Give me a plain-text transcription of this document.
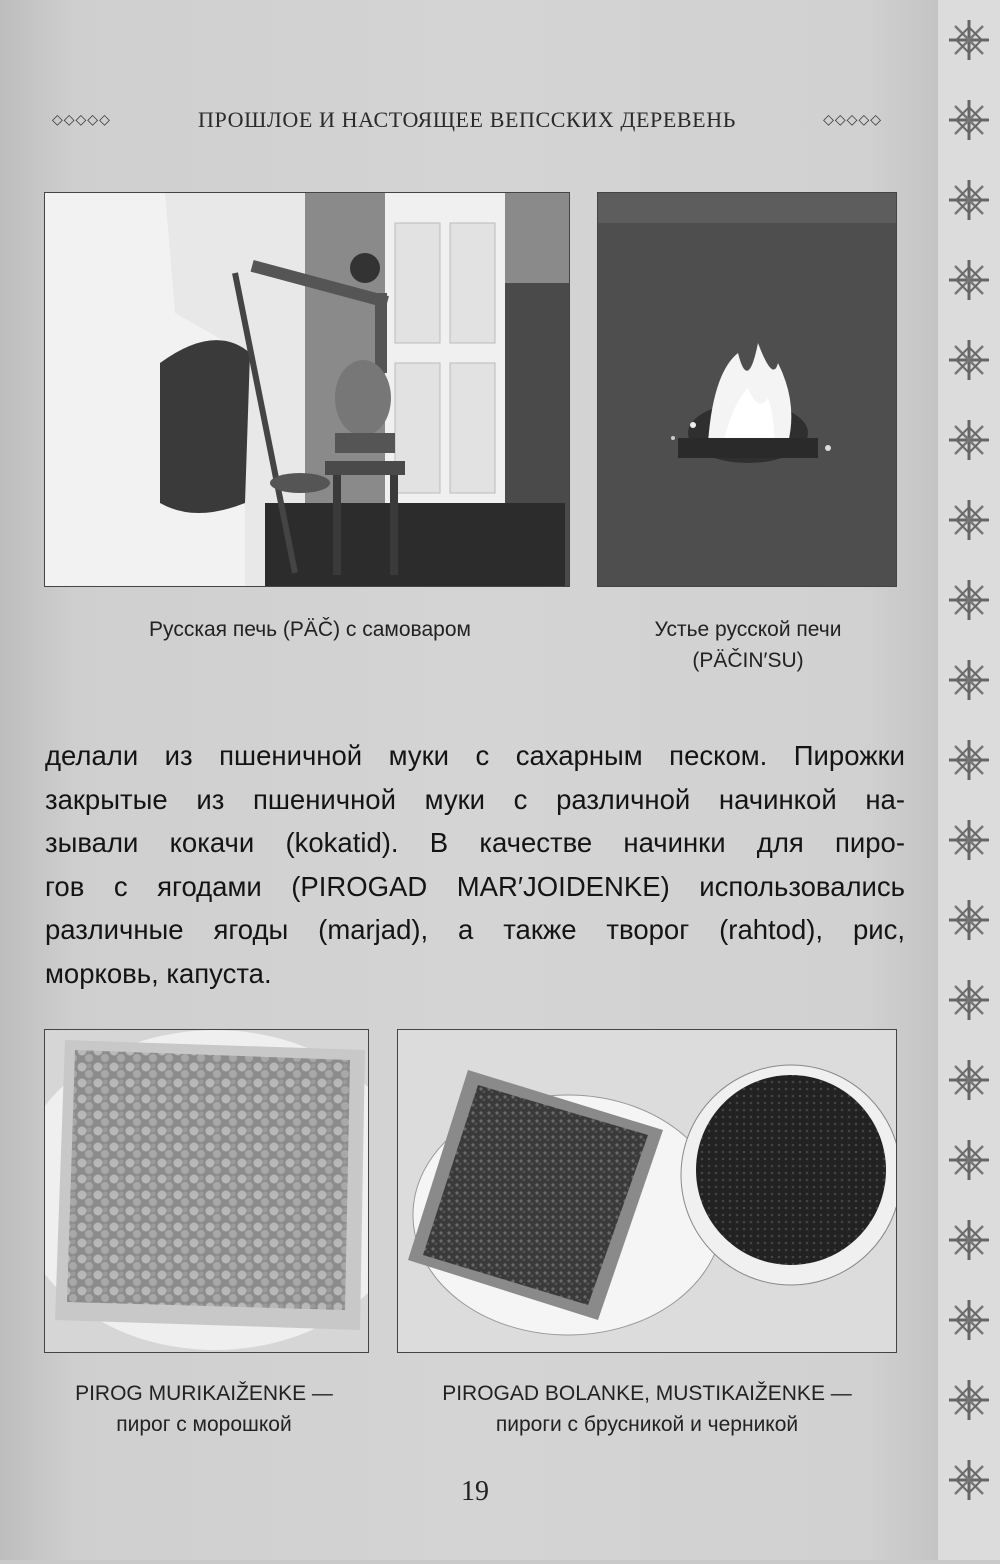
◇◇◇◇◇	ПРОШЛОЕ И НАСТОЯЩЕЕ ВЕПССКИХ ДЕРЕВЕНЬ	◇◇◇◇◇
Русская печь (PÄČ) с самоваром	Устье русской печи
(PÄČIN′SU)
делали из пшеничной муки с сахарным песком. Пирожки
закрытые из пшеничной муки с различной начинкой на-
зывали кокачи (kokatid). В качестве начинки для пиро-
гов с ягодами (PIROGAD MAR′JOIDENKE) использовались
различные ягоды (marjad), а также творог (rahtod), рис,
морковь, капуста.
PIROG MURIKAIŽENKE —
пирог с морошкой
PIROGAD BOLANKE, MUSTIKAIŽENKE —
пироги с брусникой и черникой
19
